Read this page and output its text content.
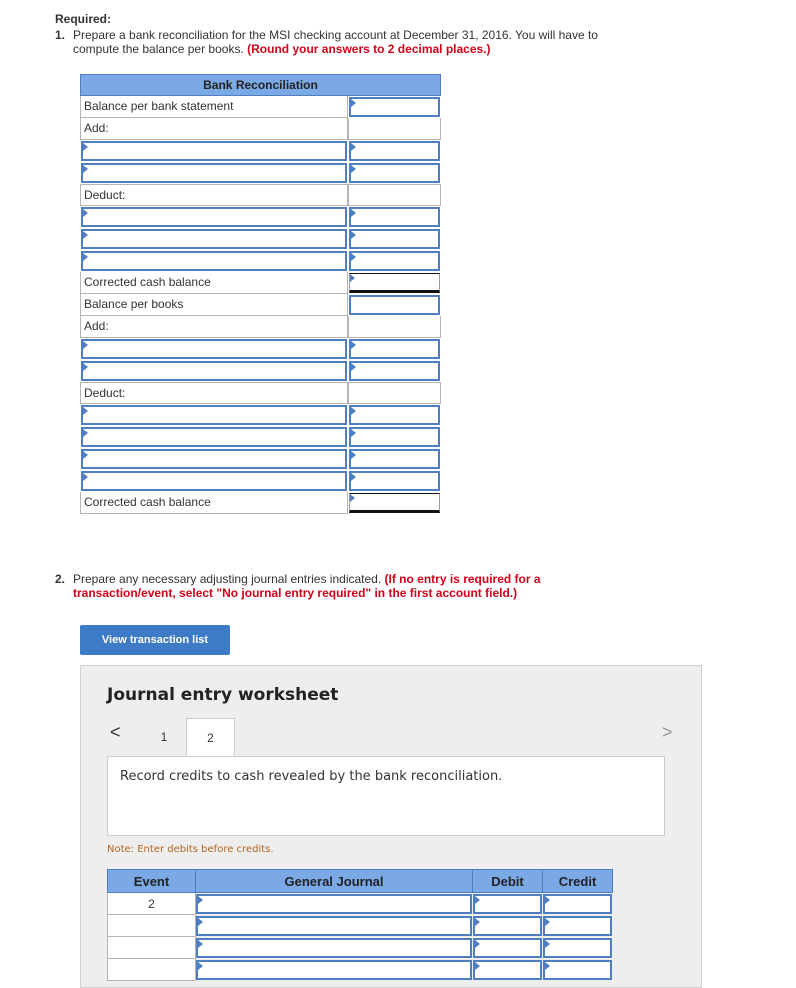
Required:
1. Prepare a bank reconciliation for the MSI checking account at December 31, 2016. You will have to
compute the balance per books. (Round your answers to 2 decimal places.)
Bank Reconciliation
Balance per bank statement
Add:
Deduct:
Corrected cash balance
Balance per books
Add:
Deduct:
Corrected cash balance
2. Prepare any necessary adjusting journal entries indicated. (If no entry is required for a
transaction/event, select "No journal entry required" in the first account field.)
View transaction list
Journal entry worksheet
<	1	2	>
Record credits to cash revealed by the bank reconciliation.
Note: Enter debits before credits.
Event	General Journal	Debit	Credit
2
